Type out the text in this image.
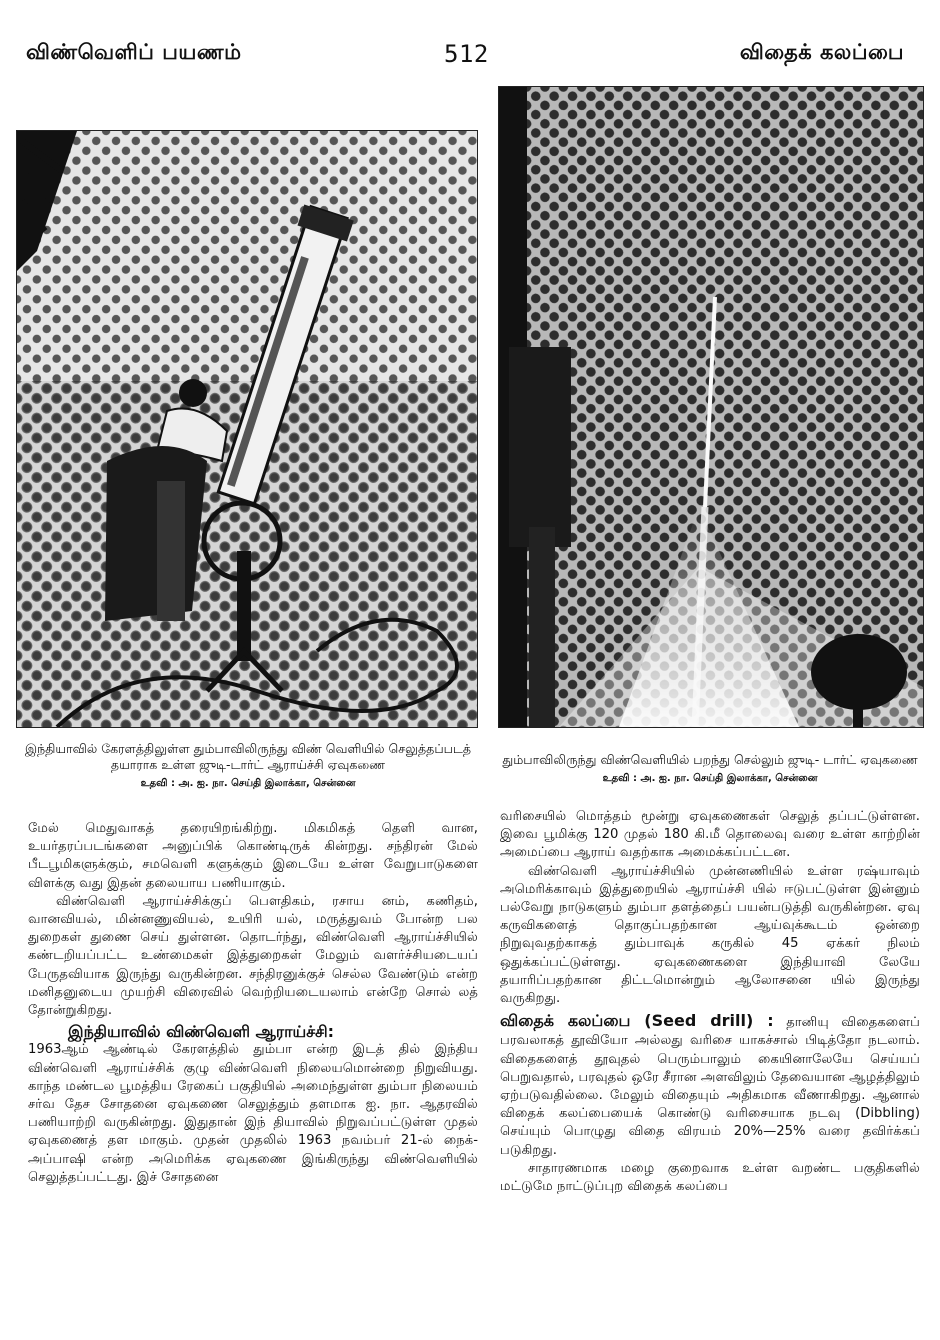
விண்வெளிப் பயணம்	512	விதைக் கலப்பை
இந்தியாவில் கேரளத்திலுள்ள தும்பாவிலிருந்து விண் வெளியில் செலுத்தப்படத் தயாராக உள்ள ஜுடி-டார்ட் ஆராய்ச்சி ஏவுகணை
உதவி : அ. ஐ. நா. செய்தி இலாக்கா, சென்னை
தும்பாவிலிருந்து விண்வெளியில் பறந்து செல்லும் ஜுடி- டார்ட் ஏவுகணை
உதவி : அ. ஐ. நா. செய்தி இலாக்கா, சென்னை

மேல் மெதுவாகத் தரையிறங்கிற்று. மிகமிகத் தெளி வான, உயர்தரப்படங்களை அனுப்பிக் கொண்டிருக் கின்றது. சந்திரன் மேல் பீடபூமிகளுக்கும், சமவெளி களுக்கும் இடையே உள்ள வேறுபாடுகளை விளக்கு வது இதன் தலையாய பணியாகும்.

விண்வெளி ஆராய்ச்சிக்குப் பௌதிகம், ரசாய னம், கணிதம், வானவியல், மின்னணுவியல், உயிரி யல், மருத்துவம் போன்ற பல துறைகள் துணை செய் துள்ளன. தொடர்ந்து, விண்வெளி ஆராய்ச்சியில் கண்டறியப்பட்ட உண்மைகள் இத்துறைகள் மேலும் வளர்ச்சியடையப் பேருதவியாக இருந்து வருகின்றன. சந்திரனுக்குச் செல்ல வேண்டும் என்ற மனிதனுடைய முயற்சி விரைவில் வெற்றியடையலாம் என்றே சொல் லத் தோன்றுகிறது.

இந்தியாவில் விண்வெளி ஆராய்ச்சி:

1963ஆம் ஆண்டில் கேரளத்தில் தும்பா என்ற இடத் தில் இந்திய விண்வெளி ஆராய்ச்சிக் குழு விண்வெளி நிலையமொன்றை நிறுவியது. காந்த மண்டல பூமத்திய ரேகைப் பகுதியில் அமைந்துள்ள தும்பா நிலையம் சர்வ தேச சோதனை ஏவுகணை செலுத்தும் தளமாக ஐ. நா. ஆதரவில் பணியாற்றி வருகின்றது. இதுதான் இந் தியாவில் நிறுவப்பட்டுள்ள முதல் ஏவுகணைத் தள மாகும். முதன் முதலில் 1963 நவம்பர் 21-ல் நைக்- அப்பாஷி என்ற அமெரிக்க ஏவுகணை இங்கிருந்து விண்வெளியில் செலுத்தப்பட்டது. இச் சோதனை

வரிசையில் மொத்தம் மூன்று ஏவுகணைகள் செலுத் தப்பட்டுள்ளன. இவை பூமிக்கு 120 முதல் 180 கி.மீ தொலைவு வரை உள்ள காற்றின் அமைப்பை ஆராய் வதற்காக அமைக்கப்பட்டன.

விண்வெளி ஆராய்ச்சியில் முன்னணியில் உள்ள ரஷ்யாவும் அமெரிக்காவும் இத்துறையில் ஆராய்ச்சி யில் ஈடுபட்டுள்ள இன்னும் பல்வேறு நாடுகளும் தும்பா தளத்தைப் பயன்படுத்தி வருகின்றன. ஏவு கருவிகளைத் தொகுப்பதற்கான ஆய்வுக்கூடம் ஒன்றை நிறுவுவதற்காகத் தும்பாவுக் கருகில் 45 ஏக்கர் நிலம் ஒதுக்கப்பட்டுள்ளது. ஏவுகணைகளை இந்தியாவி லேயே தயாரிப்பதற்கான திட்டமொன்றும் ஆலோசனை யில் இருந்து வருகிறது.

விதைக் கலப்பை (Seed drill) : தானியு விதைகளைப் பரவலாகத் தூவியோ அல்லது வரிசை யாகச்சால் பிடித்தோ நடலாம். விதைகளைத் தூவுதல் பெரும்பாலும் கையினாலேயே செய்யப் பெறுவதால், பரவுதல் ஒரே சீரான அளவிலும் தேவையான ஆழத்திலும் ஏற்படுவதில்லை. மேலும் விதையும் அதிகமாக வீணாகிறது. ஆனால் விதைக் கலப்பையைக் கொண்டு வரிசையாக நடவு (Dibbling) செய்யும் பொழுது விதை விரயம் 20%—25% வரை தவிர்க்கப் படுகிறது.

சாதாரணமாக மழை குறைவாக உள்ள வறண்ட பகுதிகளில் மட்டுமே நாட்டுப்புற விதைக் கலப்பை
